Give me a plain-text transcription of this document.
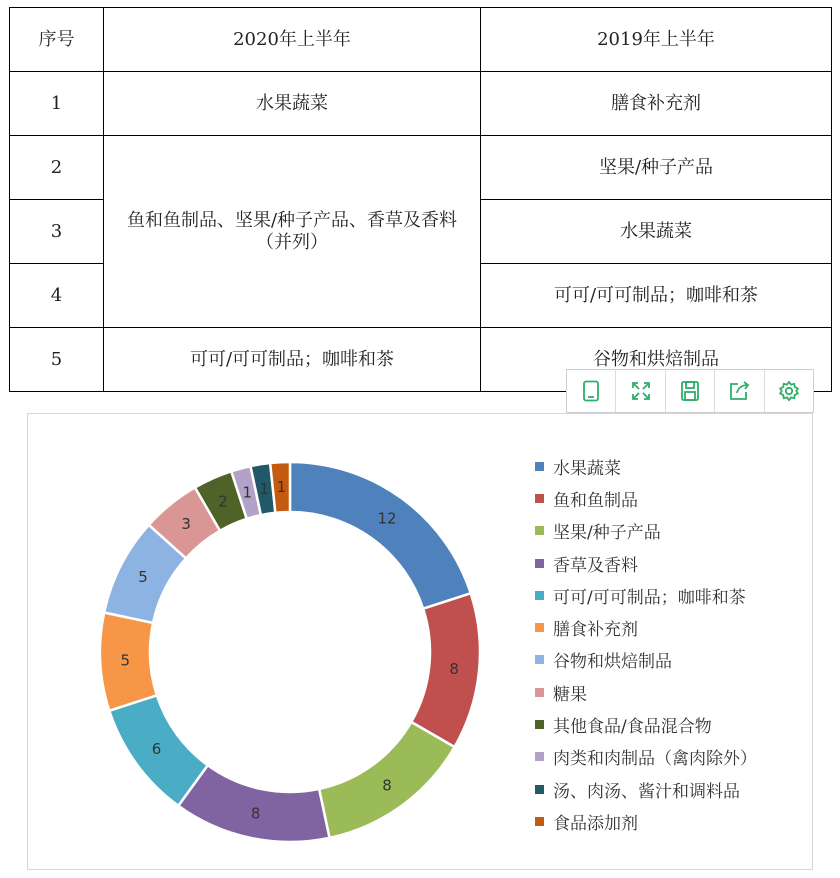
序号	2020年上半年	2019年上半年
1	水果蔬菜	膳食补充剂
2	鱼和鱼制品、坚果/种子产品、香草及香料（并列）	坚果/种子产品
3		水果蔬菜
4		可可/可可制品；咖啡和茶
5	可可/可可制品；咖啡和茶	谷物和烘焙制品
12
8
8
8
6
5
5
3
2 1 1 1
水果蔬菜
鱼和鱼制品
坚果/种子产品
香草及香料
可可/可可制品；咖啡和茶
膳食补充剂
谷物和烘焙制品
糖果
其他食品/食品混合物
肉类和肉制品（禽肉除外）
汤、肉汤、酱汁和调料品
食品添加剂
